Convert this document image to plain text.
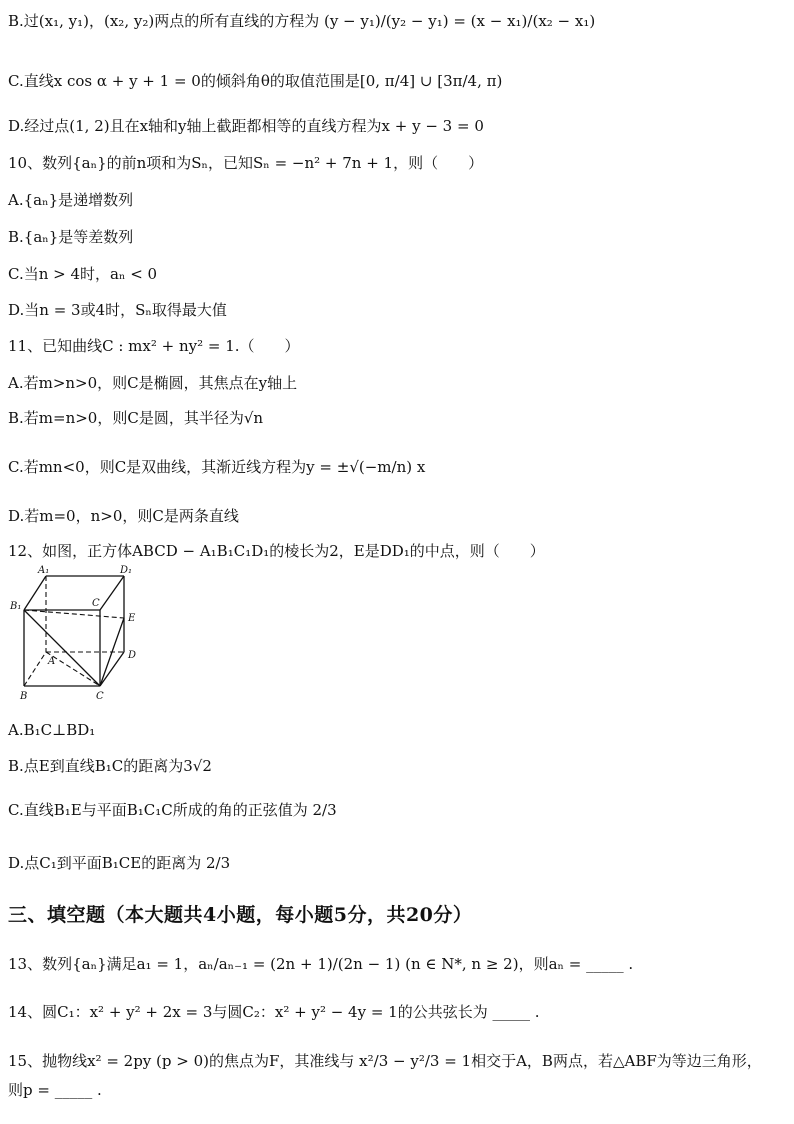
B.过(x₁, y₁)，(x₂, y₂)两点的所有直线的方程为 (y − y₁)/(y₂ − y₁) = (x − x₁)/(x₂ − x₁)
C.直线x cos α + y + 1 = 0的倾斜角θ的取值范围是[0, π/4] ∪ [3π/4, π)
D.经过点(1, 2)且在x轴和y轴上截距都相等的直线方程为x + y − 3 = 0
10、数列{aₙ}的前n项和为Sₙ，已知Sₙ = −n² + 7n + 1，则（　　）
A.{aₙ}是递增数列
B.{aₙ}是等差数列
C.当n > 4时，aₙ < 0
D.当n = 3或4时，Sₙ取得最大值
11、已知曲线C : mx² + ny² = 1.（　　）
A.若m>n>0，则C是椭圆，其焦点在y轴上
B.若m=n>0，则C是圆，其半径为√n
C.若mn<0，则C是双曲线，其渐近线方程为y = ±√(−m/n) x
D.若m=0，n>0，则C是两条直线
12、如图，正方体ABCD − A₁B₁C₁D₁的棱长为2，E是DD₁的中点，则（　　）
A₁	D₁
B₁	C
E
A
D
B	C
A.B₁C⊥BD₁
B.点E到直线B₁C的距离为3√2
C.直线B₁E与平面B₁C₁C所成的角的正弦值为 2/3
D.点C₁到平面B₁CE的距离为 2/3
三、填空题（本大题共4小题，每小题5分，共20分）
13、数列{aₙ}满足a₁ = 1，aₙ/aₙ₋₁ = (2n + 1)/(2n − 1) (n ∈ N*, n ≥ 2)，则aₙ = _____ .
14、圆C₁：x² + y² + 2x = 3与圆C₂：x² + y² − 4y = 1的公共弦长为 _____ .
15、抛物线x² = 2py (p > 0)的焦点为F，其准线与 x²/3 − y²/3 = 1相交于A，B两点，若△ABF为等边三角形，
则p = _____ .
